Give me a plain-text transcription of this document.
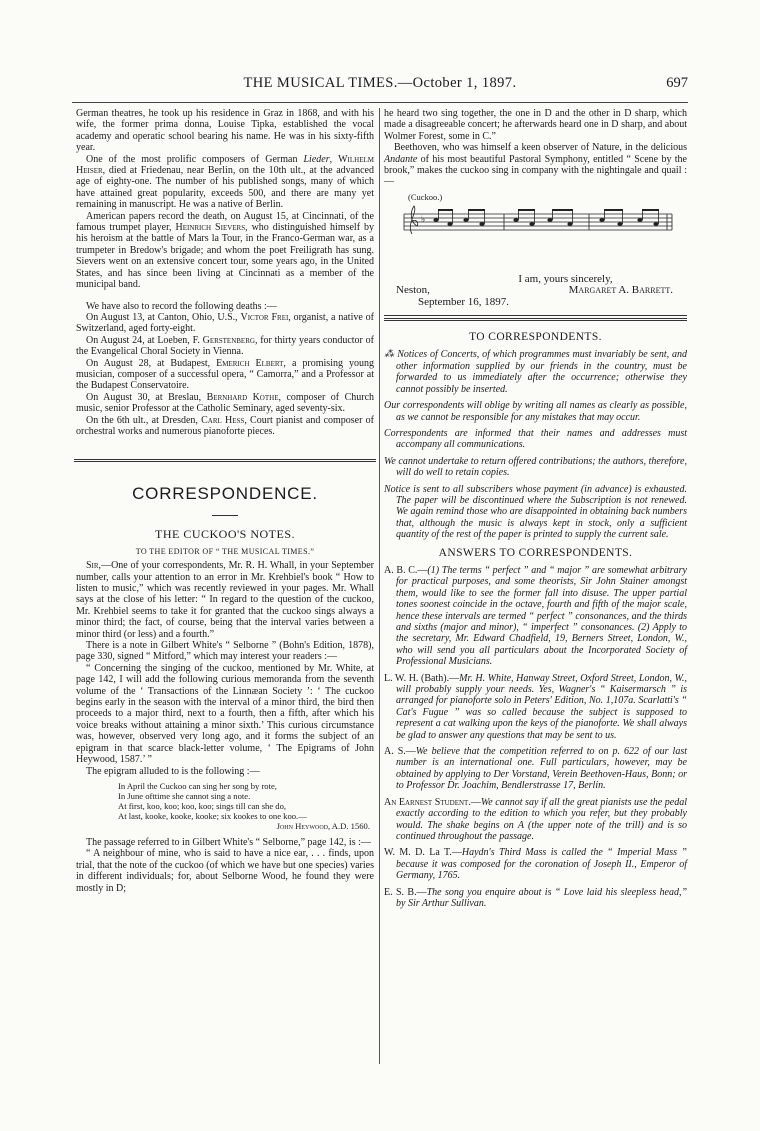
THE MUSICAL TIMES.—October 1, 1897.	697

German theatres, he took up his residence in Graz in 1868, and with his wife, the former prima donna, Louise Tipka, established the vocal academy and operatic school bearing his name. He was in his sixty-fifth year.

One of the most prolific composers of German Lieder, Wilhelm Heiser, died at Friedenau, near Berlin, on the 10th ult., at the advanced age of eighty-one. The number of his published songs, many of which have attained great popularity, exceeds 500, and there are many yet remaining in manuscript. He was a native of Berlin.

American papers record the death, on August 15, at Cincinnati, of the famous trumpet player, Heinrich Sievers, who distinguished himself by his heroism at the battle of Mars la Tour, in the Franco-German war, as a trumpeter in Bredow's brigade; and whom the poet Freiligrath has sung. Sievers went on an extensive concert tour, some years ago, in the United States, and has since been living at Cincinnati as a member of the municipal band.

We have also to record the following deaths :—

On August 13, at Canton, Ohio, U.S., Victor Frei, organist, a native of Switzerland, aged forty-eight.

On August 24, at Loeben, F. Gerstenberg, for thirty years conductor of the Evangelical Choral Society in Vienna.

On August 28, at Budapest, Emerich Elbert, a promising young musician, composer of a successful opera, “ Camorra,” and a Professor at the Budapest Conservatoire.

On August 30, at Breslau, Bernhard Kothe, composer of Church music, senior Professor at the Catholic Seminary, aged seventy-six.

On the 6th ult., at Dresden, Carl Hess, Court pianist and composer of orchestral works and numerous pianoforte pieces.

CORRESPONDENCE.
THE CUCKOO'S NOTES.
TO THE EDITOR OF “ THE MUSICAL TIMES.”

Sir,—One of your correspondents, Mr. R. H. Whall, in your September number, calls your attention to an error in Mr. Krehbiel's book “ How to listen to music,” which was recently reviewed in your pages. Mr. Whall says at the close of his letter: “ In regard to the question of the cuckoo, Mr. Krehbiel seems to take it for granted that the cuckoo sings always a minor third; the fact, of course, being that the interval varies between a minor third (or less) and a fourth.”

There is a note in Gilbert White's “ Selborne ” (Bohn's Edition, 1878), page 330, signed “ Mitford,” which may interest your readers :—

“ Concerning the singing of the cuckoo, mentioned by Mr. White, at page 142, I will add the following curious memoranda from the seventh volume of the ‘ Transactions of the Linnæan Society ’: ‘ The cuckoo begins early in the season with the interval of a minor third, the bird then proceeds to a major third, next to a fourth, then a fifth, after which his voice breaks without attaining a minor sixth.’ This curious circumstance was, however, observed very long ago, and it forms the subject of an epigram in that scarce black-letter volume, ‘ The Epigrams of John Heywood, 1587.’ ”

The epigram alluded to is the following :—

In April the Cuckoo can sing her song by rote,
In June ofttime she cannot sing a note.
At first, koo, koo; koo, koo; sings till can she do,
At last, kooke, kooke, kooke; six kookes to one koo.—
John Heywood, A.D. 1560.

The passage referred to in Gilbert White's “ Selborne,” page 142, is :—

“ A neighbour of mine, who is said to have a nice ear, . . . finds, upon trial, that the note of the cuckoo (of which we have but one species) varies in different individuals; for, about Selborne Wood, he found they were mostly in D;

he heard two sing together, the one in D and the other in D sharp, which made a disagreeable concert; he afterwards heard one in D sharp, and about Wolmer Forest, some in C.”

Beethoven, who was himself a keen observer of Nature, in the delicious Andante of his most beautiful Pastoral Symphony, entitled “ Scene by the brook,” makes the cuckoo sing in company with the nightingale and quail :—

(Cuckoo.)
♭
I am, yours sincerely,
Neston,	Margaret A. Barrett.
September 16, 1897.
TO CORRESPONDENTS.

⁂ Notices of Concerts, of which programmes must invariably be sent, and other information supplied by our friends in the country, must be forwarded to us immediately after the occurrence; otherwise they cannot possibly be inserted.

Our correspondents will oblige by writing all names as clearly as possible, as we cannot be responsible for any mistakes that may occur.

Correspondents are informed that their names and addresses must accompany all communications.

We cannot undertake to return offered contributions; the authors, therefore, will do well to retain copies.

Notice is sent to all subscribers whose payment (in advance) is exhausted. The paper will be discontinued where the Subscription is not renewed. We again remind those who are disappointed in obtaining back numbers that, although the music is always kept in stock, only a sufficient quantity of the rest of the paper is printed to supply the current sale.

ANSWERS TO CORRESPONDENTS.

A. B. C.—(1) The terms “ perfect ” and “ major ” are somewhat arbitrary for practical purposes, and some theorists, Sir John Stainer amongst them, would like to see the former fall into disuse. The upper partial tones soonest coincide in the octave, fourth and fifth of the major scale, hence these intervals are termed “ perfect ” consonances, and the thirds and sixths (major and minor), “ imperfect ” consonances. (2) Apply to the secretary, Mr. Edward Chadfield, 19, Berners Street, London, W., who will send you all particulars about the Incorporated Society of Professional Musicians.

L. W. H. (Bath).—Mr. H. White, Hanway Street, Oxford Street, London, W., will probably supply your needs. Yes, Wagner's “ Kaisermarsch ” is arranged for pianoforte solo in Peters' Edition, No. 1,107a. Scarlatti's “ Cat's Fugue ” was so called because the subject is supposed to represent a cat walking upon the keys of the pianoforte. We shall always be glad to answer any questions that may be sent to us.

A. S.—We believe that the competition referred to on p. 622 of our last number is an international one. Full particulars, however, may be obtained by applying to Der Vorstand, Verein Beethoven-Haus, Bonn; or to Professor Dr. Joachim, Bendlerstrasse 17, Berlin.

An Earnest Student.—We cannot say if all the great pianists use the pedal exactly according to the edition to which you refer, but they probably would. The shake begins on A (the upper note of the trill) and is so continued throughout the passage.

W. M. D. La T.—Haydn's Third Mass is called the “ Imperial Mass ” because it was composed for the coronation of Joseph II., Emperor of Germany, 1765.

E. S. B.—The song you enquire about is “ Love laid his sleepless head,” by Sir Arthur Sullivan.
